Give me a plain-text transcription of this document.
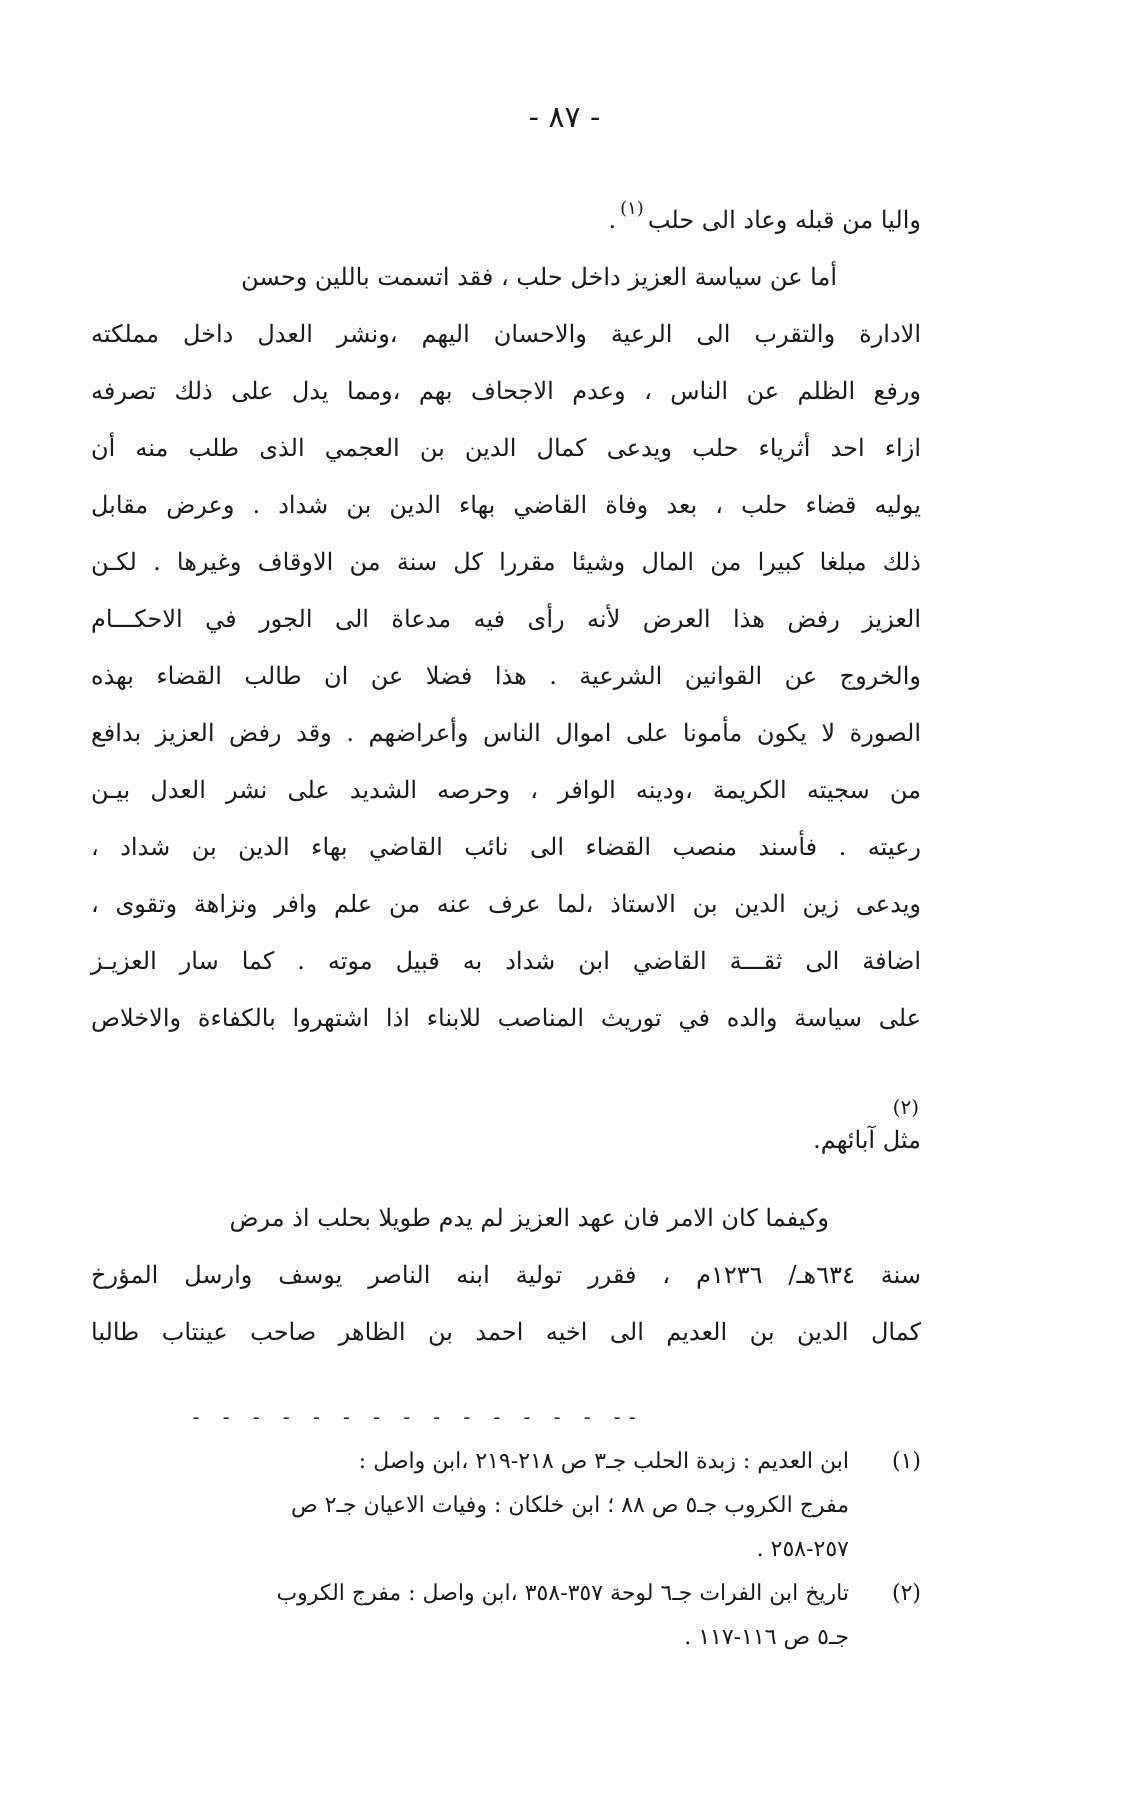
- ٨٧ -
واليا من قبله وعاد الى حلب$^{(١)}$.
أما عن سياسة العزيز داخل حلب ، فقد اتسمت باللين وحسن
الادارة والتقرب الى الرعية والاحسان اليهم ،ونشر العدل داخل مملكته
ورفع الظلم عن الناس ، وعدم الاجحاف بهم ،ومما يدل على ذلك تصرفه
ازاء احد أثرياء حلب ويدعى كمال الدين بن العجمي الذى طلب منه أن
يوليه قضاء حلب ، بعد وفاة القاضي بهاء الدين بن شداد . وعرض مقابل
ذلك مبلغا كبيرا من المال وشيئا مقررا كل سنة من الاوقاف وغيرها . لكـن
العزيز رفض هذا العرض لأنه رأى فيه مدعاة الى الجور في الاحكـــام
والخروج عن القوانين الشرعية . هذا فضلا عن ان طالب القضاء بهذه
الصورة لا يكون مأمونا على اموال الناس وأعراضهم . وقد رفض العزيز بدافع
من سجيته الكريمة ،ودينه الوافر ، وحرصه الشديد على نشر العدل بيـن
رعيته . فأسند منصب القضاء الى نائب القاضي بهاء الدين بن شداد ،
ويدعى زين الدين بن الاستاذ ،لما عرف عنه من علم وافر ونزاهة وتقوى ،
اضافة الى ثقـــة القاضي ابن شداد به قبيل موته . كما سار العزيـز
على سياسة والده في توريث المناصب للابناء اذا اشتهروا بالكفاءة والاخلاص
(٢)
مثل آبائهم.
وكيفما كان الامر فان عهد العزيز لم يدم طويلا بحلب اذ مرض
سنة ٦٣٤هـ/ ١٢٣٦م ، فقرر تولية ابنه الناصر يوسف وارسل المؤرخ
كمال الدين بن العديم الى اخيه احمد بن الظاهر صاحب عينتاب طالبا
- - - - - - - - - - - - - - --
(١)ابن العديم : زبدة الحلب جـ٣ ص ٢١٨-٢١٩ ،ابن واصل :
مفرج الكروب جـ٥ ص ٨٨ ؛ ابن خلكان : وفيات الاعيان جـ٢ ص
٢٥٧-٢٥٨ .
(٢)تاريخ ابن الفرات جـ٦ لوحة ٣٥٧-٣٥٨ ،ابن واصل : مفرج الكروب
جـ٥ ص ١١٦-١١٧ .
